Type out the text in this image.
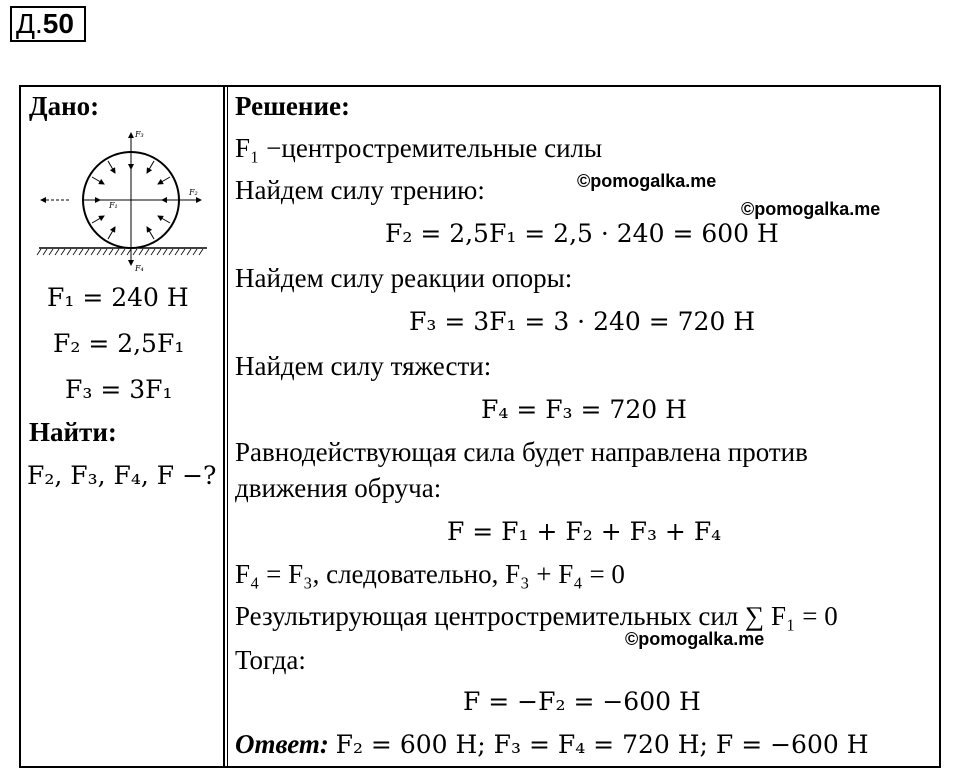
Д.50
Дано:
F₃
F₂
F₄
F₁
F₁ = 240 Н
F₂ = 2,5F₁
F₃ = 3F₁
Найти:
F₂, F₃, F₄, F −?
Решение:
F₁ −центростремительные силы
Найдем силу трению:
F₂ = 2,5F₁ = 2,5 · 240 = 600 Н
Найдем силу реакции опоры:
F₃ = 3F₁ = 3 · 240 = 720 Н
Найдем силу тяжести:
F₄ = F₃ = 720 Н
Равнодействующая сила будет направлена против
движения обруча:
F = F₁ + F₂ + F₃ + F₄
F₄ = F₃, следовательно, F₃ + F₄ = 0
Результирующая центростремительных сил ∑ F₁ = 0
Тогда:
F = −F₂ = −600 Н
Ответ: F₂ = 600 Н; F₃ = F₄ = 720 Н; F = −600 Н
©pomogalka.me
©pomogalka.me
©pomogalka.me
